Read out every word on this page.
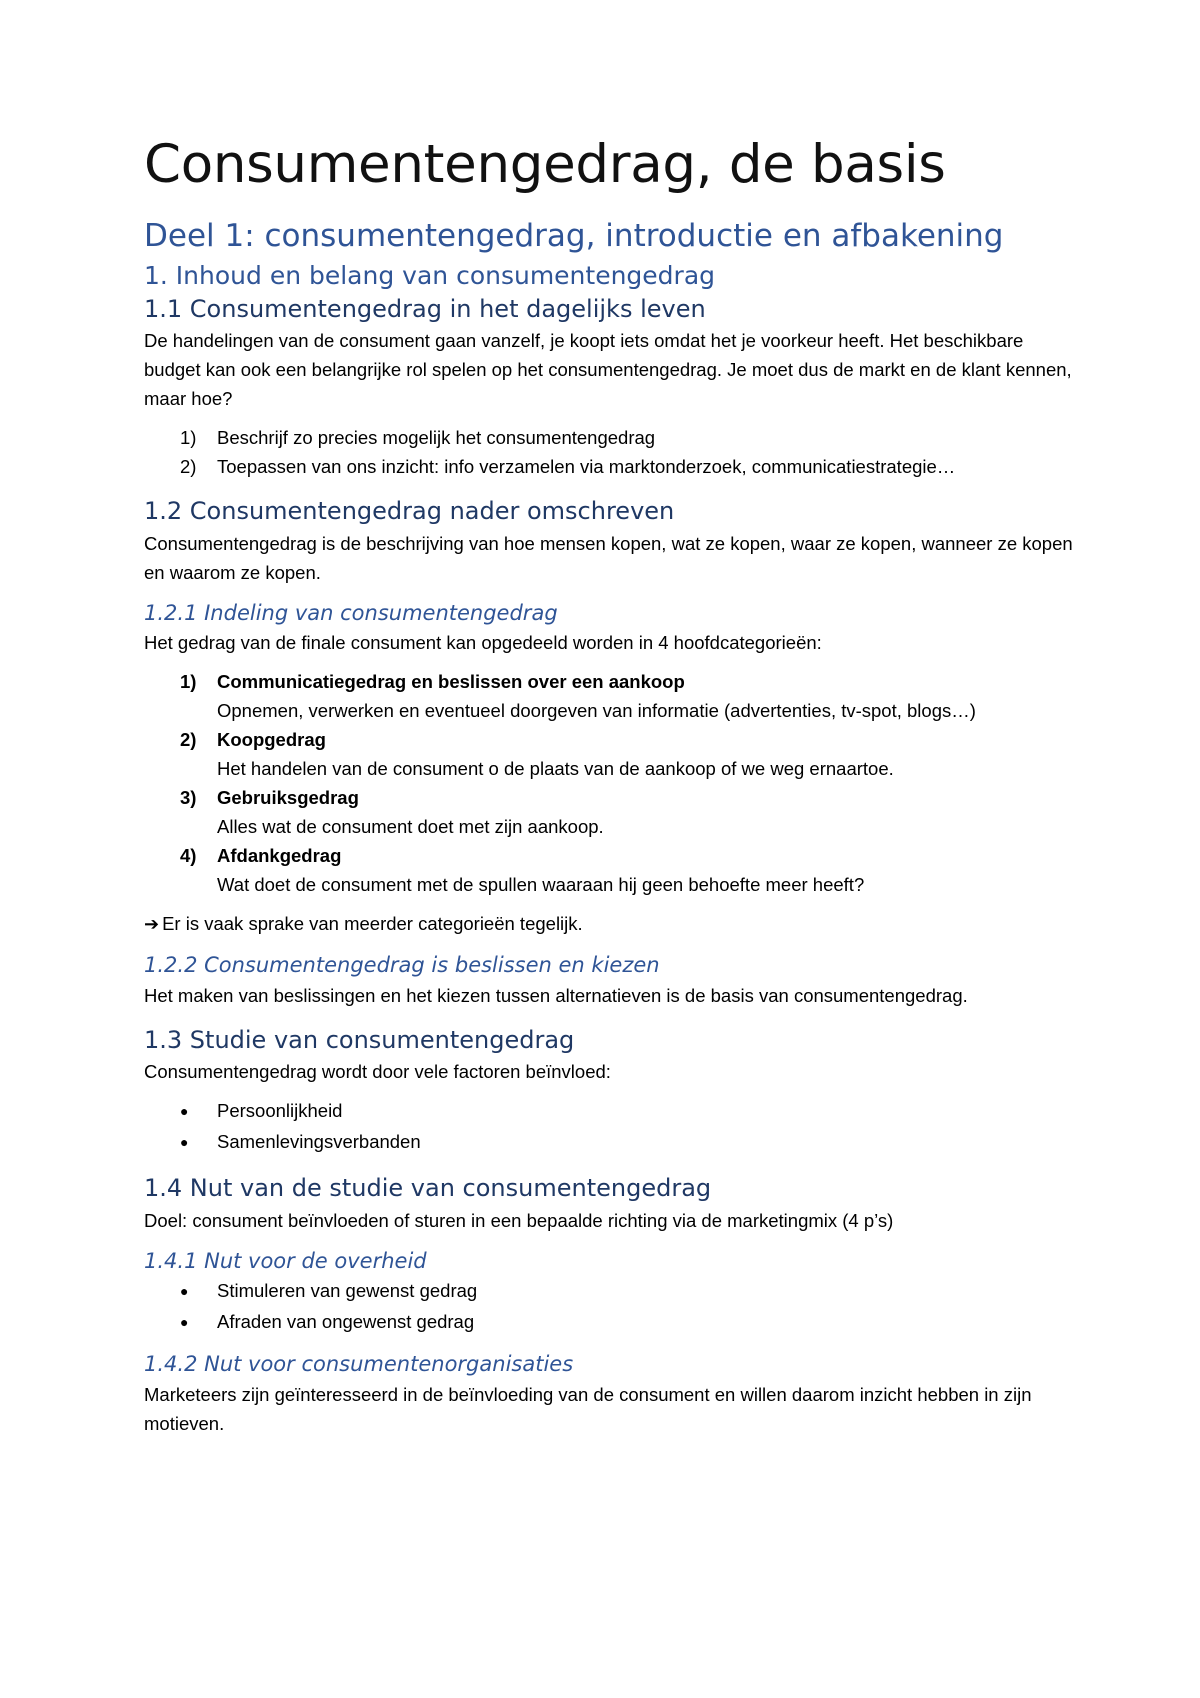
Consumentengedrag, de basis
Deel 1: consumentengedrag, introductie en afbakening
1. Inhoud en belang van consumentengedrag
1.1 Consumentengedrag in het dagelijks leven

De handelingen van de consument gaan vanzelf, je koopt iets omdat het je voorkeur heeft. Het beschikbare budget kan ook een belangrijke rol spelen op het consumentengedrag. Je moet dus de markt en de klant kennen, maar hoe?

1)	Beschrijf zo precies mogelijk het consumentengedrag
2)	Toepassen van ons inzicht: info verzamelen via marktonderzoek, communicatiestrategie…
1.2 Consumentengedrag nader omschreven

Consumentengedrag is de beschrijving van hoe mensen kopen, wat ze kopen, waar ze kopen, wanneer ze kopen en waarom ze kopen.

1.2.1 Indeling van consumentengedrag

Het gedrag van de finale consument kan opgedeeld worden in 4 hoofdcategorieën:

1)	Communicatiegedrag en beslissen over een aankoop
Opnemen, verwerken en eventueel doorgeven van informatie (advertenties, tv-spot, blogs…)
2)	Koopgedrag
Het handelen van de consument o de plaats van de aankoop of we weg ernaartoe.
3)	Gebruiksgedrag
Alles wat de consument doet met zijn aankoop.
4)	Afdankgedrag
Wat doet de consument met de spullen waaraan hij geen behoefte meer heeft?

➔ Er is vaak sprake van meerder categorieën tegelijk.

1.2.2 Consumentengedrag is beslissen en kiezen

Het maken van beslissingen en het kiezen tussen alternatieven is de basis van consumentengedrag.

1.3 Studie van consumentengedrag

Consumentengedrag wordt door vele factoren beïnvloed:

●	Persoonlijkheid
●	Samenlevingsverbanden
1.4 Nut van de studie van consumentengedrag

Doel: consument beïnvloeden of sturen in een bepaalde richting via de marketingmix (4 p’s)

1.4.1 Nut voor de overheid
●	Stimuleren van gewenst gedrag
●	Afraden van ongewenst gedrag
1.4.2 Nut voor consumentenorganisaties

Marketeers zijn geïnteresseerd in de beïnvloeding van de consument en willen daarom inzicht hebben in zijn motieven.
